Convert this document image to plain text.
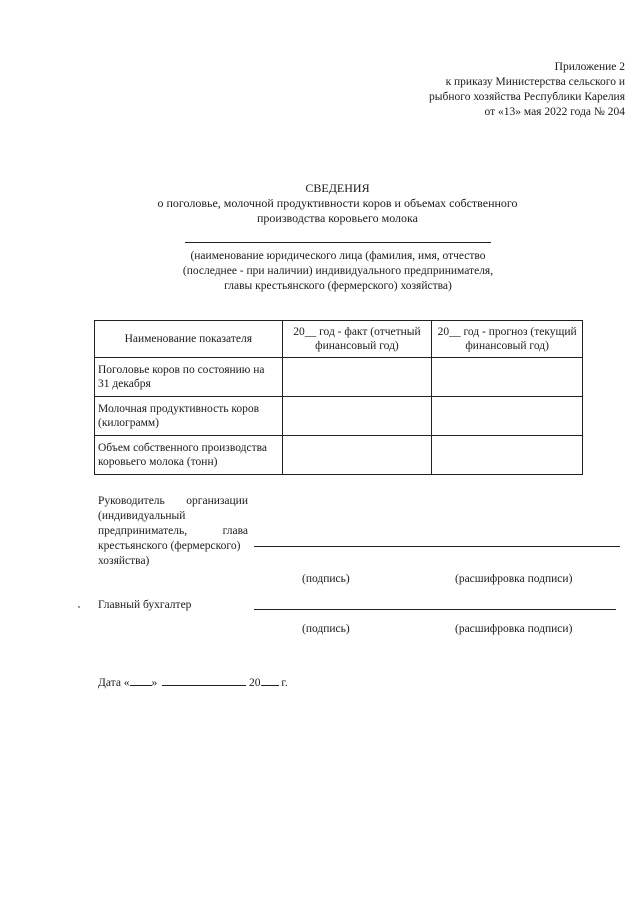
Приложение 2
к приказу Министерства сельского и
рыбного хозяйства Республики Карелия
от «13» мая 2022 года № 204
СВЕДЕНИЯ
о поголовье, молочной продуктивности коров и объемах собственного
производства коровьего молока
(наименование юридического лица (фамилия, имя, отчество
(последнее - при наличии) индивидуального предпринимателя,
главы крестьянского (фермерского) хозяйства)
Наименование показателя	20__ год - факт (отчетный финансовый год)	20__ год - прогноз (текущий финансовый год)
Поголовье коров по состоянию на 31 декабря		
Молочная продуктивность коров (килограмм)		
Объем собственного производства коровьего молока (тонн)		
Руководитель организации
(индивидуальный
предприниматель,	глава
крестьянского (фермерского)
хозяйства)
(подпись)	(расшифровка подписи)
Главный бухгалтер
(подпись)	(расшифровка подписи)
Дата « »	20 г.
